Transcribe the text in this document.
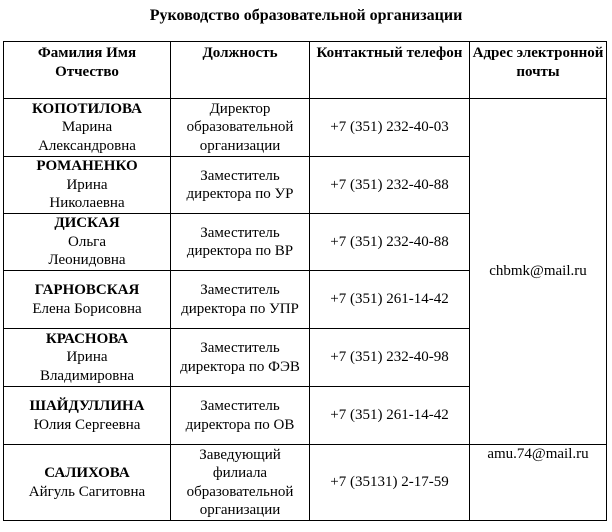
Руководство образовательной организации
Фамилия Имя Отчество	Должность	Контактный телефон	Адрес электронной почты

КОПОТИЛОВА
Марина
Александровна	Директор образовательной организации	+7 (351) 232-40-03	chbmk@mail.ru

РОМАНЕНКО
Ирина
Николаевна	Заместитель директора по УР	+7 (351) 232-40-88	

ДИСКАЯ
Ольга
Леонидовна	Заместитель директора по ВР	+7 (351) 232-40-88	

ГАРНОВСКАЯ
Елена Борисовна	Заместитель директора по УПР	+7 (351) 261-14-42	

КРАСНОВА
Ирина
Владимировна	Заместитель директора по ФЭВ	+7 (351) 232-40-98	

ШАЙДУЛЛИНА
Юлия Сергеевна	Заместитель директора по ОВ	+7 (351) 261-14-42	

САЛИХОВА
Айгуль Сагитовна	Заведующий филиала образовательной организации	+7 (35131) 2-17-59	amu.74@mail.ru
